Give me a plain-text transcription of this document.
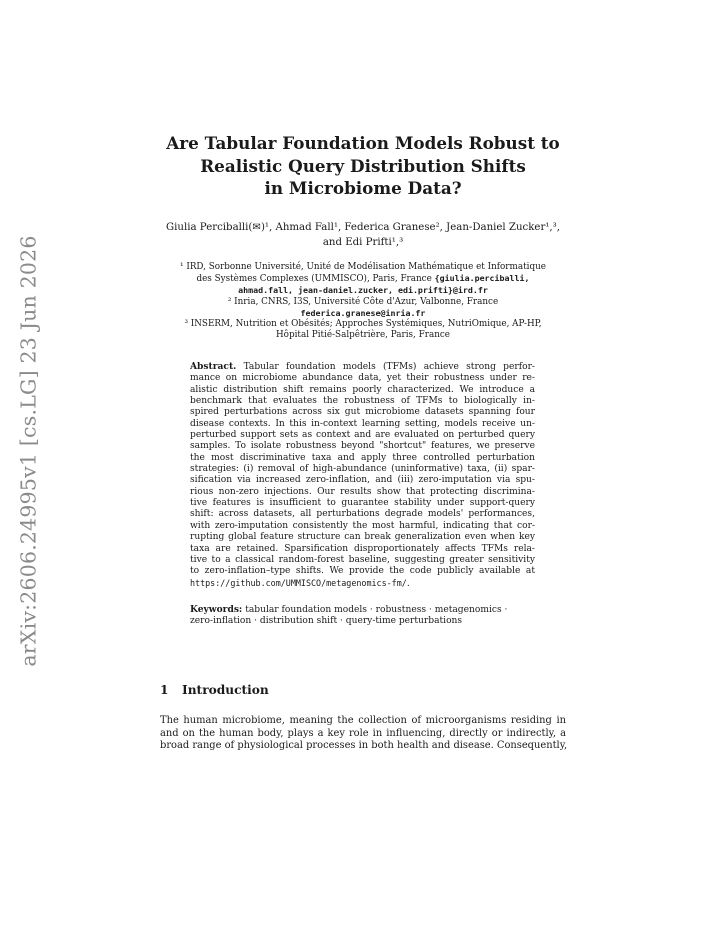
arXiv:2606.24995v1 [cs.LG] 23 Jun 2026
Are Tabular Foundation Models Robust to
Realistic Query Distribution Shifts
in Microbiome Data?
Giulia Perciballi(✉)¹, Ahmad Fall¹, Federica Granese², Jean-Daniel Zucker¹,³,
and Edi Prifti¹,³
¹ IRD, Sorbonne Université, Unité de Modélisation Mathématique et Informatique
des Systèmes Complexes (UMMISCO), Paris, France {giulia.perciballi,
ahmad.fall, jean-daniel.zucker, edi.prifti}@ird.fr
² Inria, CNRS, I3S, Université Côte d'Azur, Valbonne, France
federica.granese@inria.fr
³ INSERM, Nutrition et Obésités; Approches Systémiques, NutriOmique, AP-HP,
Hôpital Pitié-Salpêtrière, Paris, France
Abstract. Tabular foundation models (TFMs) achieve strong perfor-
mance on microbiome abundance data, yet their robustness under re-
alistic distribution shift remains poorly characterized. We introduce a
benchmark that evaluates the robustness of TFMs to biologically in-
spired perturbations across six gut microbiome datasets spanning four
disease contexts. In this in-context learning setting, models receive un-
perturbed support sets as context and are evaluated on perturbed query
samples. To isolate robustness beyond "shortcut" features, we preserve
the most discriminative taxa and apply three controlled perturbation
strategies: (i) removal of high-abundance (uninformative) taxa, (ii) spar-
sification via increased zero-inflation, and (iii) zero-imputation via spu-
rious non-zero injections. Our results show that protecting discrimina-
tive features is insufficient to guarantee stability under support-query
shift: across datasets, all perturbations degrade models' performances,
with zero-imputation consistently the most harmful, indicating that cor-
rupting global feature structure can break generalization even when key
taxa are retained. Sparsification disproportionately affects TFMs rela-
tive to a classical random-forest baseline, suggesting greater sensitivity
to zero-inflation–type shifts. We provide the code publicly available at
https://github.com/UMMISCO/metagenomics-fm/.
Keywords: tabular foundation models · robustness · metagenomics ·
zero-inflation · distribution shift · query-time perturbations
1 Introduction
The human microbiome, meaning the collection of microorganisms residing in
and on the human body, plays a key role in influencing, directly or indirectly, a
broad range of physiological processes in both health and disease. Consequently,
